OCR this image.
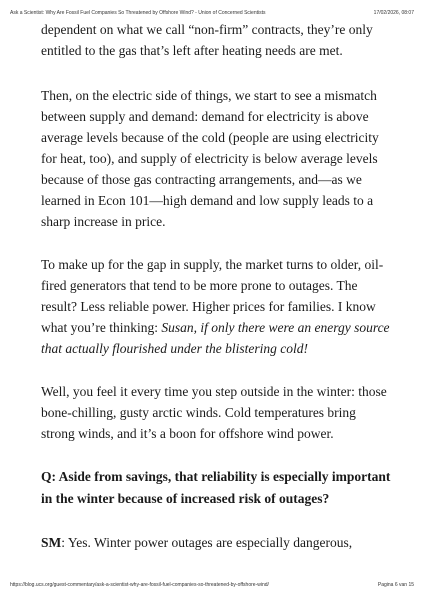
Ask a Scientist: Why Are Fossil Fuel Companies So Threatened by Offshore Wind? - Union of Concerned Scientists	17/02/2026, 08:07

dependent on what we call “non-firm” contracts, they’re only entitled to the gas that’s left after heating needs are met.

Then, on the electric side of things, we start to see a mismatch between supply and demand: demand for electricity is above average levels because of the cold (people are using electricity for heat, too), and supply of electricity is below average levels because of those gas contracting arrangements, and—as we learned in Econ 101—high demand and low supply leads to a sharp increase in price.

To make up for the gap in supply, the market turns to older, oil-fired generators that tend to be more prone to outages. The result? Less reliable power. Higher prices for families. I know what you’re thinking: Susan, if only there were an energy source that actually flourished under the blistering cold!

Well, you feel it every time you step outside in the winter: those bone-chilling, gusty arctic winds. Cold temperatures bring strong winds, and it’s a boon for offshore wind power.

Q: Aside from savings, that reliability is especially important in the winter because of increased risk of outages?

SM: Yes. Winter power outages are especially dangerous,

https://blog.ucs.org/guest-commentary/ask-a-scientist-why-are-fossil-fuel-companies-so-threatened-by-offshore-wind/	Pagina 6 van 15
